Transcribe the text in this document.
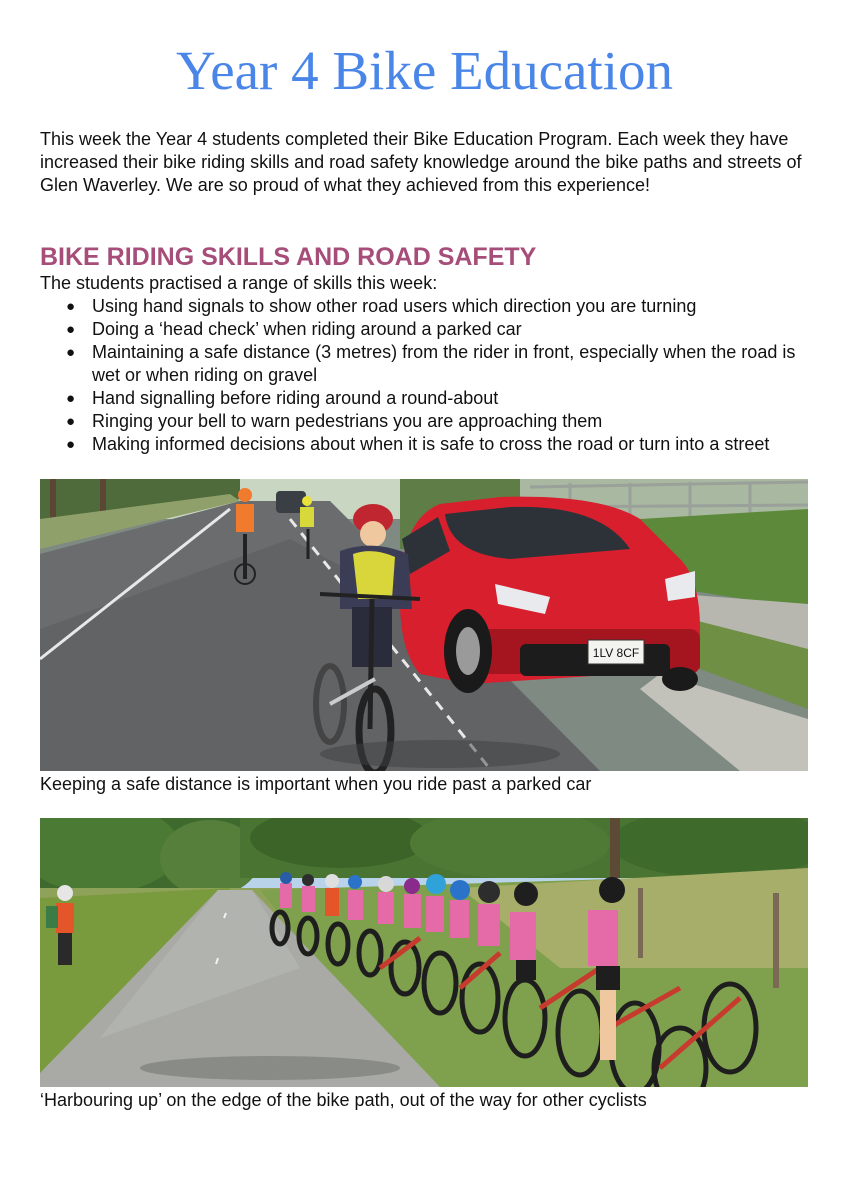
Year 4 Bike Education

This week the Year 4 students completed their Bike Education Program. Each week they have increased their bike riding skills and road safety knowledge around the bike paths and streets of Glen Waverley. We are so proud of what they achieved from this experience!

BIKE RIDING SKILLS AND ROAD SAFETY

The students practised a range of skills this week:

● Using hand signals to show other road users which direction you are turning
● Doing a ‘head check’ when riding around a parked car
● Maintaining a safe distance (3 metres) from the rider in front, especially when the road is wet or when riding on gravel
● Hand signalling before riding around a round-about
● Ringing your bell to warn pedestrians you are approaching them
● Making informed decisions about when it is safe to cross the road or turn into a street
1LV 8CF

Keeping a safe distance is important when you ride past a parked car

‘Harbouring up’ on the edge of the bike path, out of the way for other cyclists
